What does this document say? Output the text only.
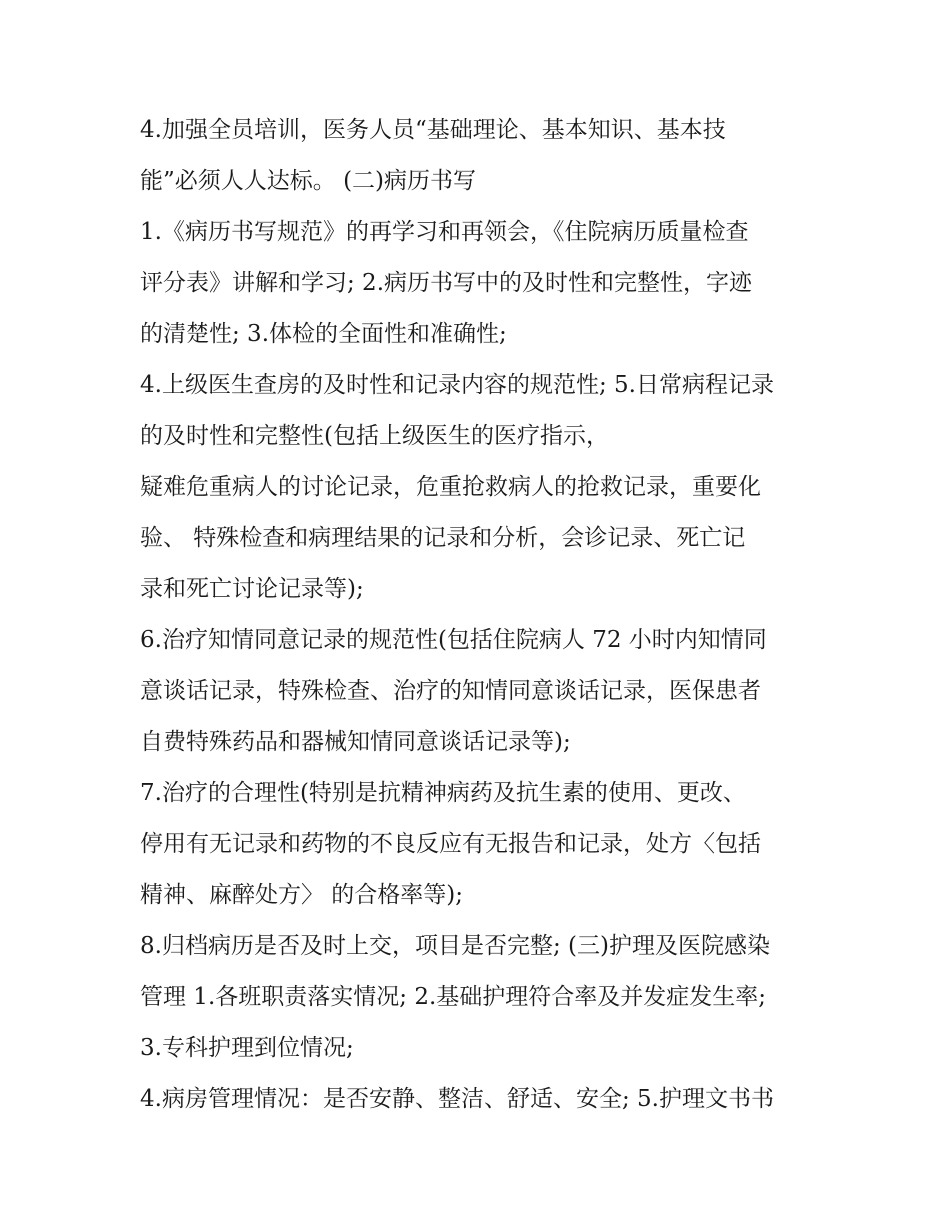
4.加强全员培训，医务人员“基础理论、基本知识、基本技

能”必须人人达标。 (二)病历书写

1.《病历书写规范》的再学习和再领会，《住院病历质量检查

评分表》讲解和学习; 2.病历书写中的及时性和完整性，字迹

的清楚性; 3.体检的全面性和准确性;

4.上级医生查房的及时性和记录内容的规范性; 5.日常病程记录

的及时性和完整性(包括上级医生的医疗指示，

疑难危重病人的讨论记录，危重抢救病人的抢救记录，重要化

验、 特殊检查和病理结果的记录和分析，会诊记录、死亡记

录和死亡讨论记录等);

6.治疗知情同意记录的规范性(包括住院病人 72 小时内知情同

意谈话记录，特殊检查、治疗的知情同意谈话记录，医保患者

自费特殊药品和器械知情同意谈话记录等);

7.治疗的合理性(特别是抗精神病药及抗生素的使用、更改、

停用有无记录和药物的不良反应有无报告和记录，处方〈包括

精神、麻醉处方〉 的合格率等);

8.归档病历是否及时上交，项目是否完整; (三)护理及医院感染

管理 1.各班职责落实情况; 2.基础护理符合率及并发症发生率;

3.专科护理到位情况;

4.病房管理情况：是否安静、整洁、舒适、安全; 5.护理文书书
